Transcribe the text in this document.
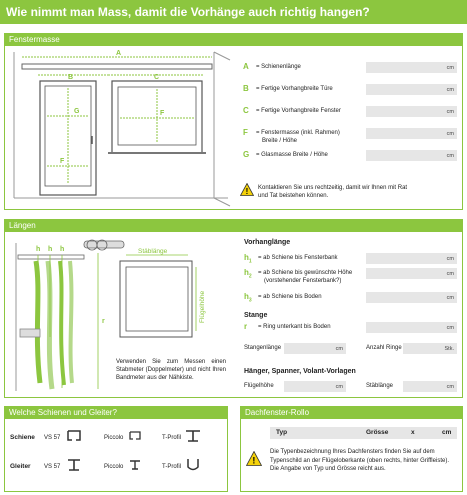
Wie nimmt man Mass, damit die Vorhänge auch richtig hangen?
Fenstermasse
A
B	C
G
F
F
A = Schienenlänge	cm
B = Fertige Vorhangbreite Türe	cm
C = Fertige Vorhangbreite Fenster	cm
F = Fenstermasse (inkl. Rahmen)
Breite / Höhe
cm
G = Glasmasse Breite / Höhe	cm
! Kontaktieren Sie uns rechtzeitig, damit wir Ihnen mit Rat und Tat beistehen können.
Längen
h h h
r
Stäblänge
Flügelhöhe
Verwenden Sie zum Messen einen Stabmeter (Doppelmeter) und nicht Ihren Bandmeter aus der Nähkiste.
Vorhanglänge
$h_1$
= ab Schiene bis Fensterbank	cm
$h_2$
= ab Schiene bis gewünschte Höhe
(vorstehender Fensterbank?)
cm
$h_3$
= ab Schiene bis Boden	cm
Stange
r = Ring unterkant bis Boden	cm
Stangenlänge	cm	Anzahl Ringe	Stk.
Hänger, Spanner, Volant-Vorlagen
Flügelhöhe	cm	Stäblänge	cm
Welche Schienen und Gleiter?
Schiene VS 57	Piccolo	T-Profil
Gleiter VS 57	Piccolo	T-Profil
Dachfenster-Rollo
Typ	Grösse	x	cm
!
Die Typenbezeichnung Ihres Dachfensters finden Sie auf dem Typenschild an der Flügeloberkante (oben rechts, hinter Griffleiste). Die Angabe von Typ und Grösse reicht aus.
